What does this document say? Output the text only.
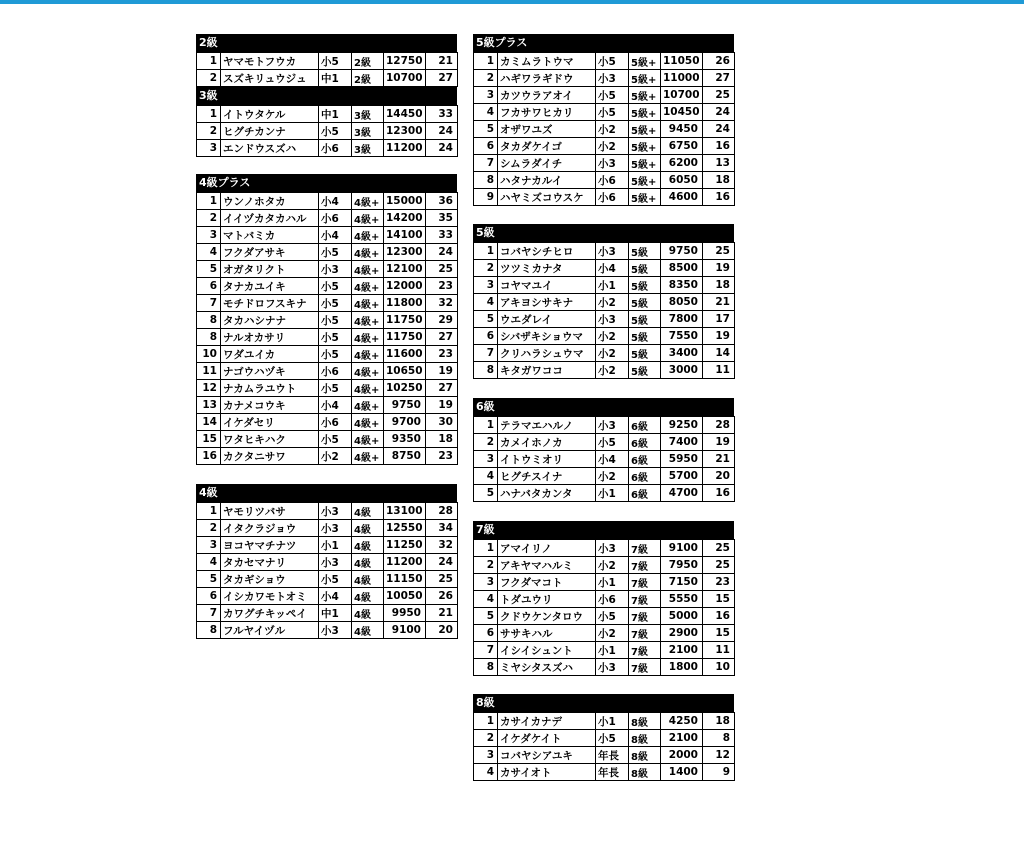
2級
1	ヤマモトフウカ	小5	2級	12750	21
2	スズキリュウジュ	中1	2級	10700	27
3級
1	イトウタケル	中1	3級	14450	33
2	ヒグチカンナ	小5	3級	12300	24
3	エンドウスズハ	小6	3級	11200	24
4級プラス
1	ウンノホタカ	小4	4級+	15000	36
2	イイヅカタカハル	小6	4級+	14200	35
3	マトバミカ	小4	4級+	14100	33
4	フクダアサキ	小5	4級+	12300	24
5	オガタリクト	小3	4級+	12100	25
6	タナカユイキ	小5	4級+	12000	23
7	モチドロフスキナ	小5	4級+	11800	32
8	タカハシナナ	小5	4級+	11750	29
8	ナルオカサリ	小5	4級+	11750	27
10	ワダユイカ	小5	4級+	11600	23
11	ナゴウハヅキ	小6	4級+	10650	19
12	ナカムラユウト	小5	4級+	10250	27
13	カナメコウキ	小4	4級+	9750	19
14	イケダセリ	小6	4級+	9700	30
15	ワタヒキハク	小5	4級+	9350	18
16	カクタニサワ	小2	4級+	8750	23
4級
1	ヤモリツバサ	小3	4級	13100	28
2	イタクラジョウ	小3	4級	12550	34
3	ヨコヤマチナツ	小1	4級	11250	32
4	タカセマナリ	小3	4級	11200	24
5	タカギショウ	小5	4級	11150	25
6	イシカワモトオミ	小4	4級	10050	26
7	カワグチキッペイ	中1	4級	9950	21
8	フルヤイヅル	小3	4級	9100	20
5級プラス
1	カミムラトウマ	小5	5級+	11050	26
2	ハギワラギドウ	小3	5級+	11000	27
3	カツウラアオイ	小5	5級+	10700	25
4	フカサワヒカリ	小5	5級+	10450	24
5	オザワユズ	小2	5級+	9450	24
6	タカダケイゴ	小2	5級+	6750	16
7	シムラダイチ	小3	5級+	6200	13
8	ハタナカルイ	小6	5級+	6050	18
9	ハヤミズコウスケ	小6	5級+	4600	16
5級
1	コバヤシチヒロ	小3	5級	9750	25
2	ツツミカナタ	小4	5級	8500	19
3	コヤマユイ	小1	5級	8350	18
4	アキヨシサキナ	小2	5級	8050	21
5	ウエダレイ	小3	5級	7800	17
6	シバザキショウマ	小2	5級	7550	19
7	クリハラシュウマ	小2	5級	3400	14
8	キタガワココ	小2	5級	3000	11
6級
1	テラマエハルノ	小3	6級	9250	28
2	カメイホノカ	小5	6級	7400	19
3	イトウミオリ	小4	6級	5950	21
4	ヒグチスイナ	小2	6級	5700	20
5	ハナバタカンタ	小1	6級	4700	16
7級
1	アマイリノ	小3	7級	9100	25
2	アキヤマハルミ	小2	7級	7950	25
3	フクダマコト	小1	7級	7150	23
4	トダユウリ	小6	7級	5550	15
5	クドウケンタロウ	小5	7級	5000	16
6	ササキハル	小2	7級	2900	15
7	イシイシュント	小1	7級	2100	11
8	ミヤシタスズハ	小3	7級	1800	10
8級
1	カサイカナデ	小1	8級	4250	18
2	イケダケイト	小5	8級	2100	8
3	コバヤシアユキ	年長	8級	2000	12
4	カサイオト	年長	8級	1400	9
